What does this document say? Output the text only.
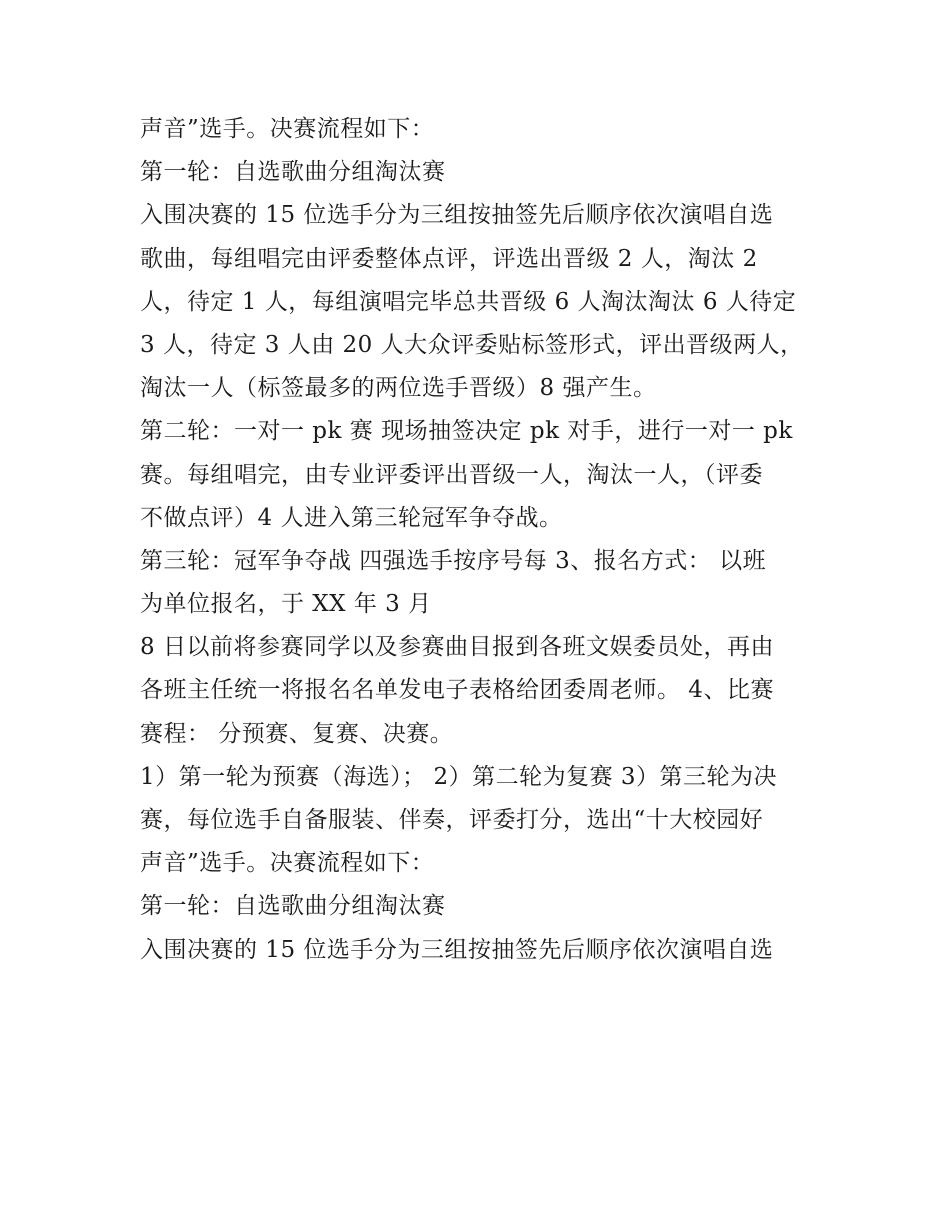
声音”选手。决赛流程如下：
第一轮：自选歌曲分组淘汰赛
入围决赛的 15 位选手分为三组按抽签先后顺序依次演唱自选
歌曲，每组唱完由评委整体点评，评选出晋级 2 人，淘汰 2
人，待定 1 人，每组演唱完毕总共晋级 6 人淘汰淘汰 6 人待定
3 人，待定 3 人由 20 人大众评委贴标签形式，评出晋级两人，
淘汰一人（标签最多的两位选手晋级）8 强产生。
第二轮：一对一 pk 赛 现场抽签决定 pk 对手，进行一对一 pk
赛。每组唱完，由专业评委评出晋级一人，淘汰一人，（评委
不做点评）4 人进入第三轮冠军争夺战。
第三轮：冠军争夺战 四强选手按序号每 3、报名方式： 以班
为单位报名，于 XX 年 3 月
8 日以前将参赛同学以及参赛曲目报到各班文娱委员处，再由
各班主任统一将报名名单发电子表格给团委周老师。 4、比赛
赛程： 分预赛、复赛、决赛。
1）第一轮为预赛（海选）； 2）第二轮为复赛 3）第三轮为决
赛，每位选手自备服装、伴奏，评委打分，选出“十大校园好
声音”选手。决赛流程如下：
第一轮：自选歌曲分组淘汰赛
入围决赛的 15 位选手分为三组按抽签先后顺序依次演唱自选
